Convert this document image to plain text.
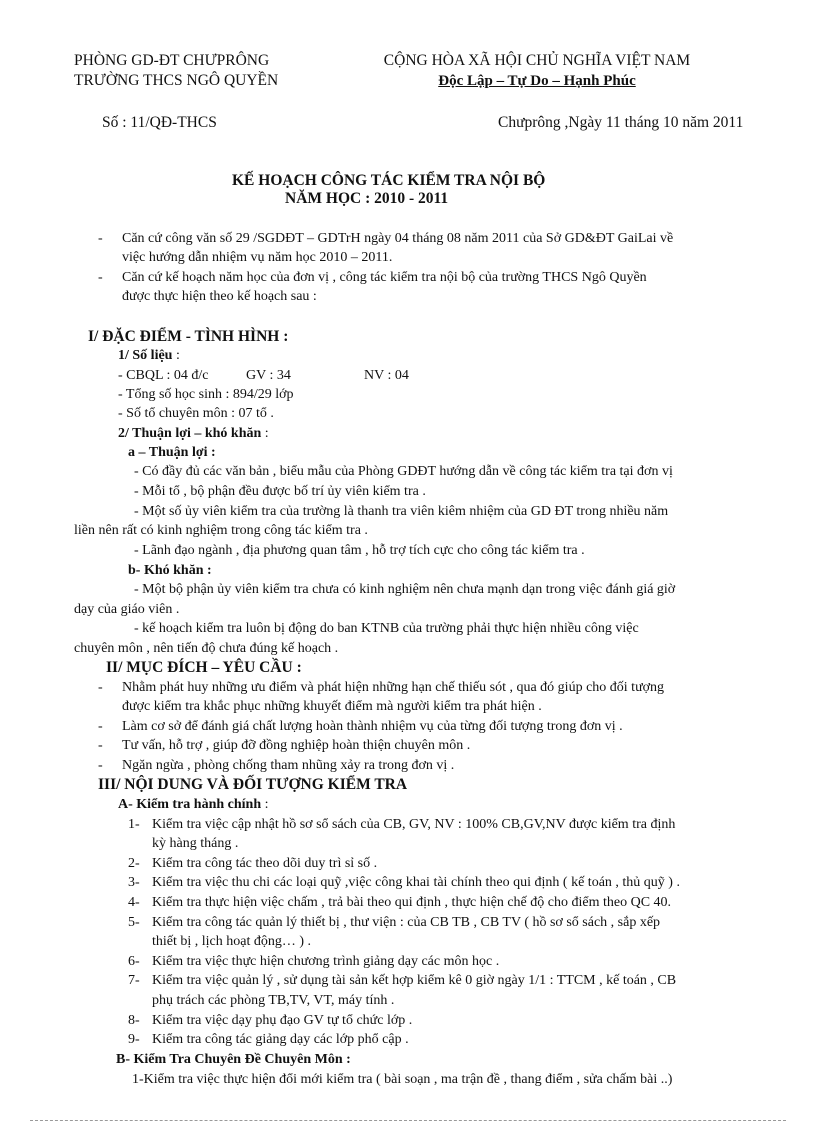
PHÒNG GD-ĐT CHƯPRÔNG
TRƯỜNG THCS NGÔ QUYỀN
CỘNG HÒA XÃ HỘI CHỦ NGHĨA VIỆT NAM
Độc Lập – Tự Do – Hạnh Phúc
Số : 11/QĐ-THCS	Chưprông ,Ngày 11 tháng 10 năm 2011
KẾ HOẠCH CÔNG TÁC KIỂM TRA NỘI BỘ
NĂM HỌC : 2010 - 2011
- Căn cứ công văn số 29 /SGDĐT – GDTrH ngày 04 tháng 08 năm 2011 của Sở GD&ĐT GaiLai về
việc hướng dẫn nhiệm vụ năm học 2010 – 2011.
- Căn cứ kế hoạch năm học của đơn vị , công tác kiểm tra nội bộ của trường THCS Ngô Quyền
được thực hiện theo kế hoạch sau :
I/ ĐẶC ĐIỂM - TÌNH HÌNH :
1/ Số liệu :
- CBQL : 04 đ/c	GV : 34	NV : 04
- Tổng số học sinh : 894/29 lớp
- Số tổ chuyên môn : 07 tổ .
2/ Thuận lợi – khó khăn :
a – Thuận lợi :
- Có đầy đủ các văn bản , biểu mẫu của Phòng GDĐT hướng dẫn về công tác kiểm tra tại đơn vị
- Mỗi tổ , bộ phận đều được bố trí ủy viên kiểm tra .
- Một số ủy viên kiểm tra của trường là thanh tra viên kiêm nhiệm của GD ĐT trong nhiều năm
liền nên rất có kinh nghiệm trong công tác kiểm tra .
- Lãnh đạo ngành , địa phương quan tâm , hỗ trợ tích cực cho công tác kiểm tra .
b- Khó khăn :
- Một bộ phận ủy viên kiểm tra chưa có kinh nghiệm nên chưa mạnh dạn trong việc đánh giá giờ
dạy của giáo viên .
- kế hoạch kiểm tra luôn bị động do ban KTNB của trường phải thực hiện nhiều công việc
chuyên môn , nên tiến độ chưa đúng kế hoạch .
II/ MỤC ĐÍCH – YÊU CẦU :
- Nhằm phát huy những ưu điểm và phát hiện những hạn chế thiếu sót , qua đó giúp cho đối tượng
được kiểm tra khắc phục những khuyết điểm mà người kiểm tra phát hiện .
- Làm cơ sở để đánh giá chất lượng hoàn thành nhiệm vụ của từng đối tượng trong đơn vị .
- Tư vấn, hỗ trợ , giúp đỡ đồng nghiệp hoàn thiện chuyên môn .
- Ngăn ngừa , phòng chống tham nhũng xảy ra trong đơn vị .
III/ NỘI DUNG VÀ ĐỐI TƯỢNG KIỂM TRA
A- Kiểm tra hành chính :
1- Kiểm tra việc cập nhật hồ sơ sổ sách của CB, GV, NV : 100% CB,GV,NV được kiểm tra định
kỳ hàng tháng .
2- Kiểm tra công tác theo dõi duy trì sỉ số .
3- Kiểm tra việc thu chi các loại quỹ ,việc công khai tài chính theo qui định ( kế toán , thủ quỹ ) .
4- Kiểm tra thực hiện việc chấm , trả bài theo qui định , thực hiện chế độ cho điểm theo QC 40.
5- Kiểm tra công tác quản lý thiết bị , thư viện : của CB TB , CB TV ( hồ sơ sổ sách , sắp xếp
thiết bị , lịch hoạt động… ) .
6- Kiểm tra việc thực hiện chương trình giảng dạy các môn học .
7- Kiểm tra việc quản lý , sử dụng tài sản kết hợp kiểm kê 0 giờ ngày 1/1 : TTCM , kế toán , CB
phụ trách các phòng TB,TV, VT, máy tính .
8- Kiểm tra việc dạy phụ đạo GV tự tổ chức lớp .
9- Kiểm tra công tác giảng dạy các lớp phổ cập .
B- Kiểm Tra Chuyên Đề Chuyên Môn :
1-Kiểm tra việc thực hiện đổi mới kiểm tra ( bài soạn , ma trận đề , thang điểm , sửa chấm bài ..)
